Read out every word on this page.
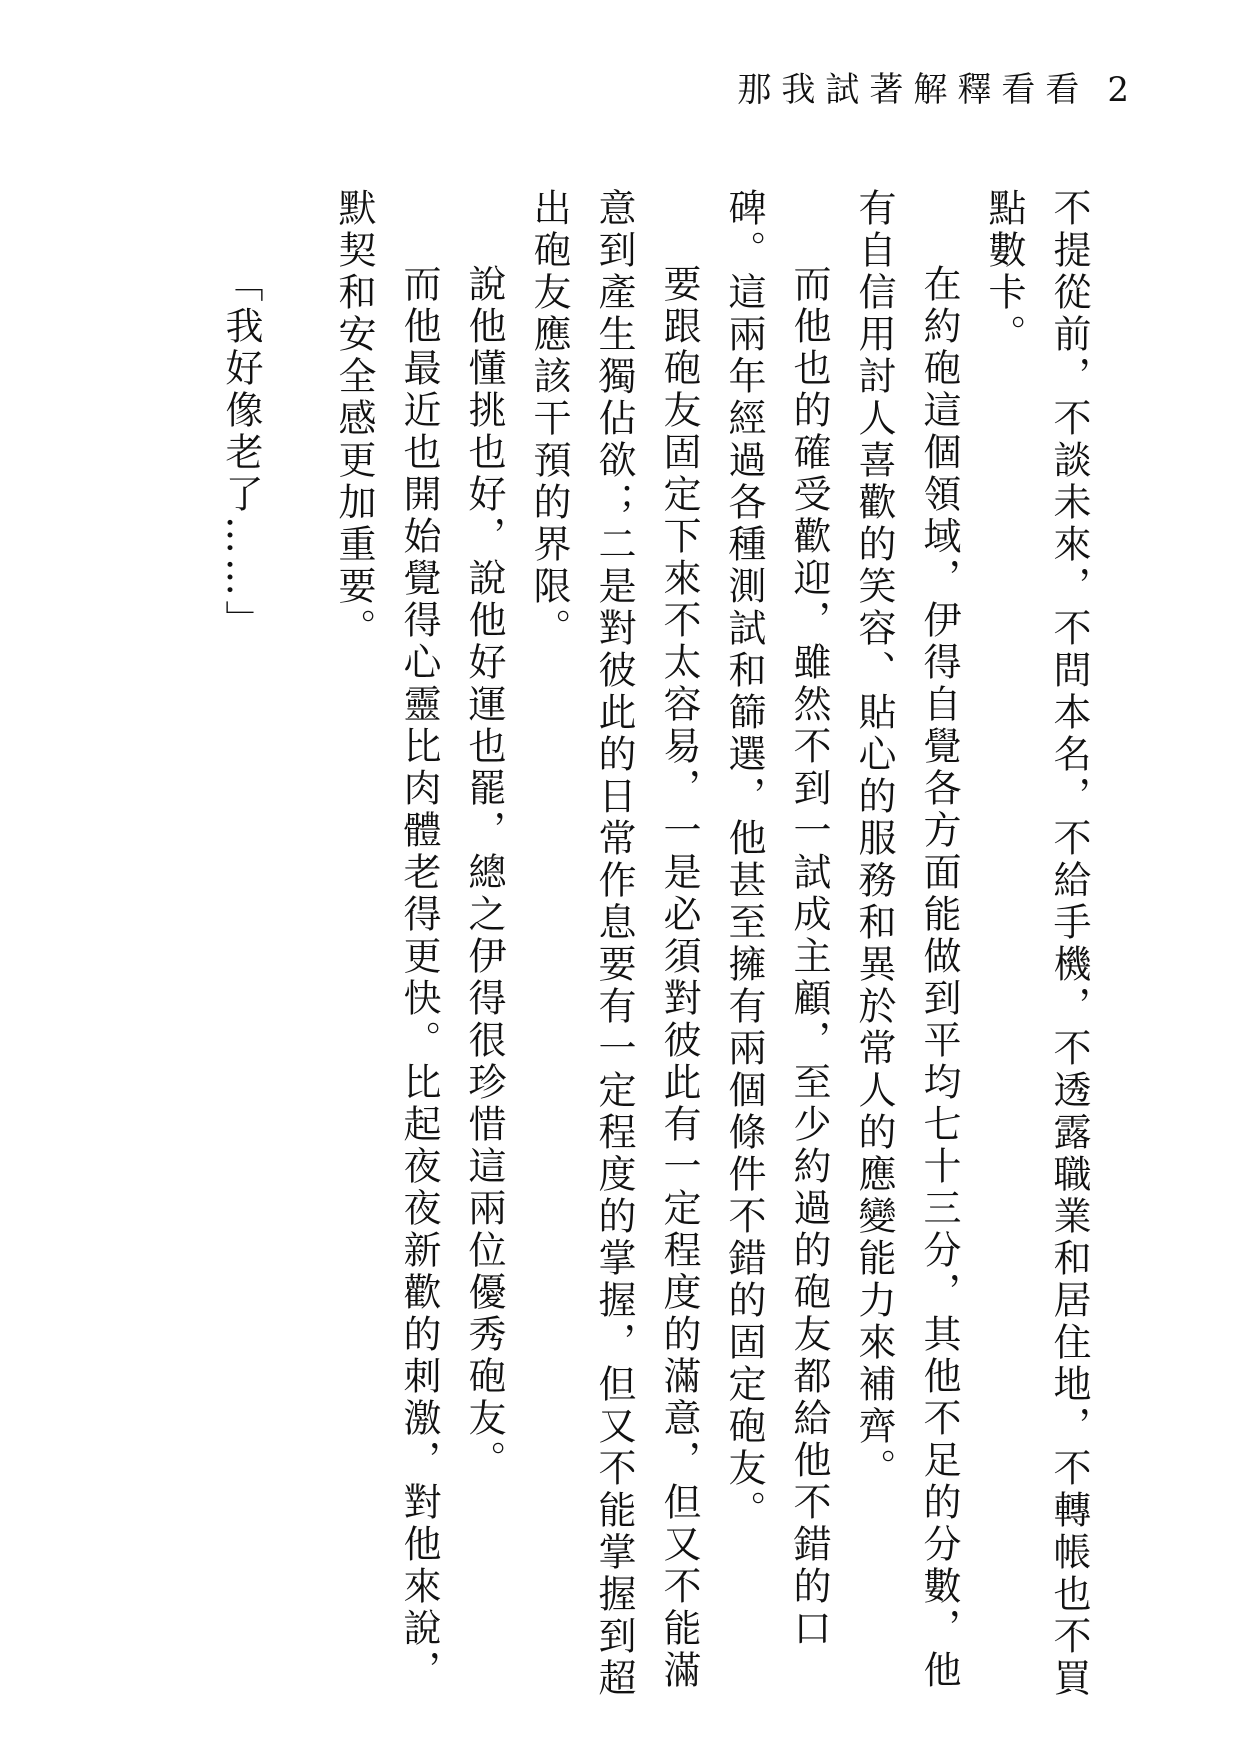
那我試著解釋看看 2

不提從前，不談未來，不問本名，不給手機，不透露職業和居住地，不轉帳也不買點數卡。

在約砲這個領域，伊得自覺各方面能做到平均七十三分，其他不足的分數，他有自信用討人喜歡的笑容、貼心的服務和異於常人的應變能力來補齊。

而他也的確受歡迎，雖然不到一試成主顧，至少約過的砲友都給他不錯的口碑。這兩年經過各種測試和篩選，他甚至擁有兩個條件不錯的固定砲友。

要跟砲友固定下來不太容易，一是必須對彼此有一定程度的滿意，但又不能滿意到產生獨佔欲；二是對彼此的日常作息要有一定程度的掌握，但又不能掌握到超出砲友應該干預的界限。

說他懂挑也好，說他好運也罷，總之伊得很珍惜這兩位優秀砲友。

而他最近也開始覺得心靈比肉體老得更快。比起夜夜新歡的刺激，對他來說，默契和安全感更加重要。

「我好像老了……」
